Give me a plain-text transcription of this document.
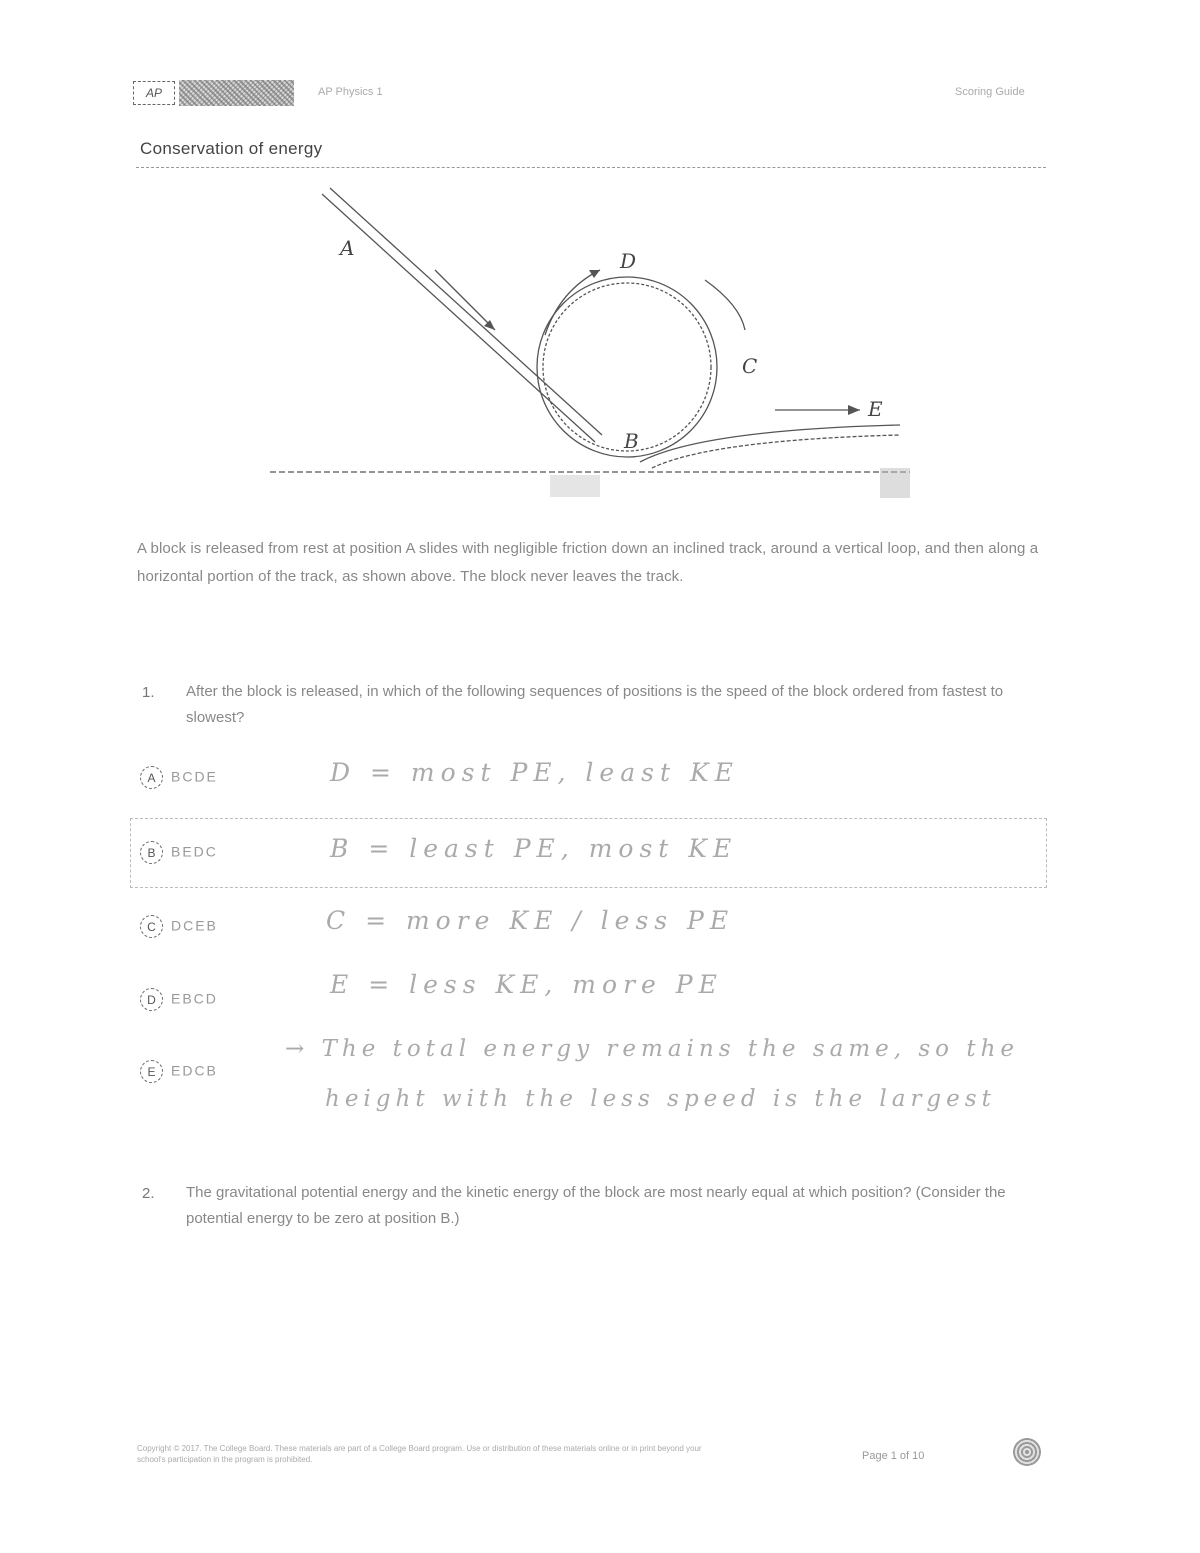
AP	AP Physics 1	Scoring Guide
Conservation of energy
A
D
C
B
E
A block is released from rest at position A slides with negligible friction down an inclined track, around a vertical loop, and then along a horizontal portion of the track, as shown above. The block never leaves the track.
1. After the block is released, in which of the following sequences of positions is the speed of the block ordered from fastest to slowest?
A BCDE
B BEDC
C DCEB
D EBCD
E EDCB
D = most PE, least KE
B = least PE, most KE
C = more KE / less PE
E = less KE, more PE
→ The total energy remains the same, so the
height with the less speed is the largest
2. The gravitational potential energy and the kinetic energy of the block are most nearly equal at which position? (Consider the potential energy to be zero at position B.)
Copyright © 2017. The College Board. These materials are part of a College Board program. Use or distribution of these materials online or in print beyond your
school's participation in the program is prohibited.	Page 1 of 10
